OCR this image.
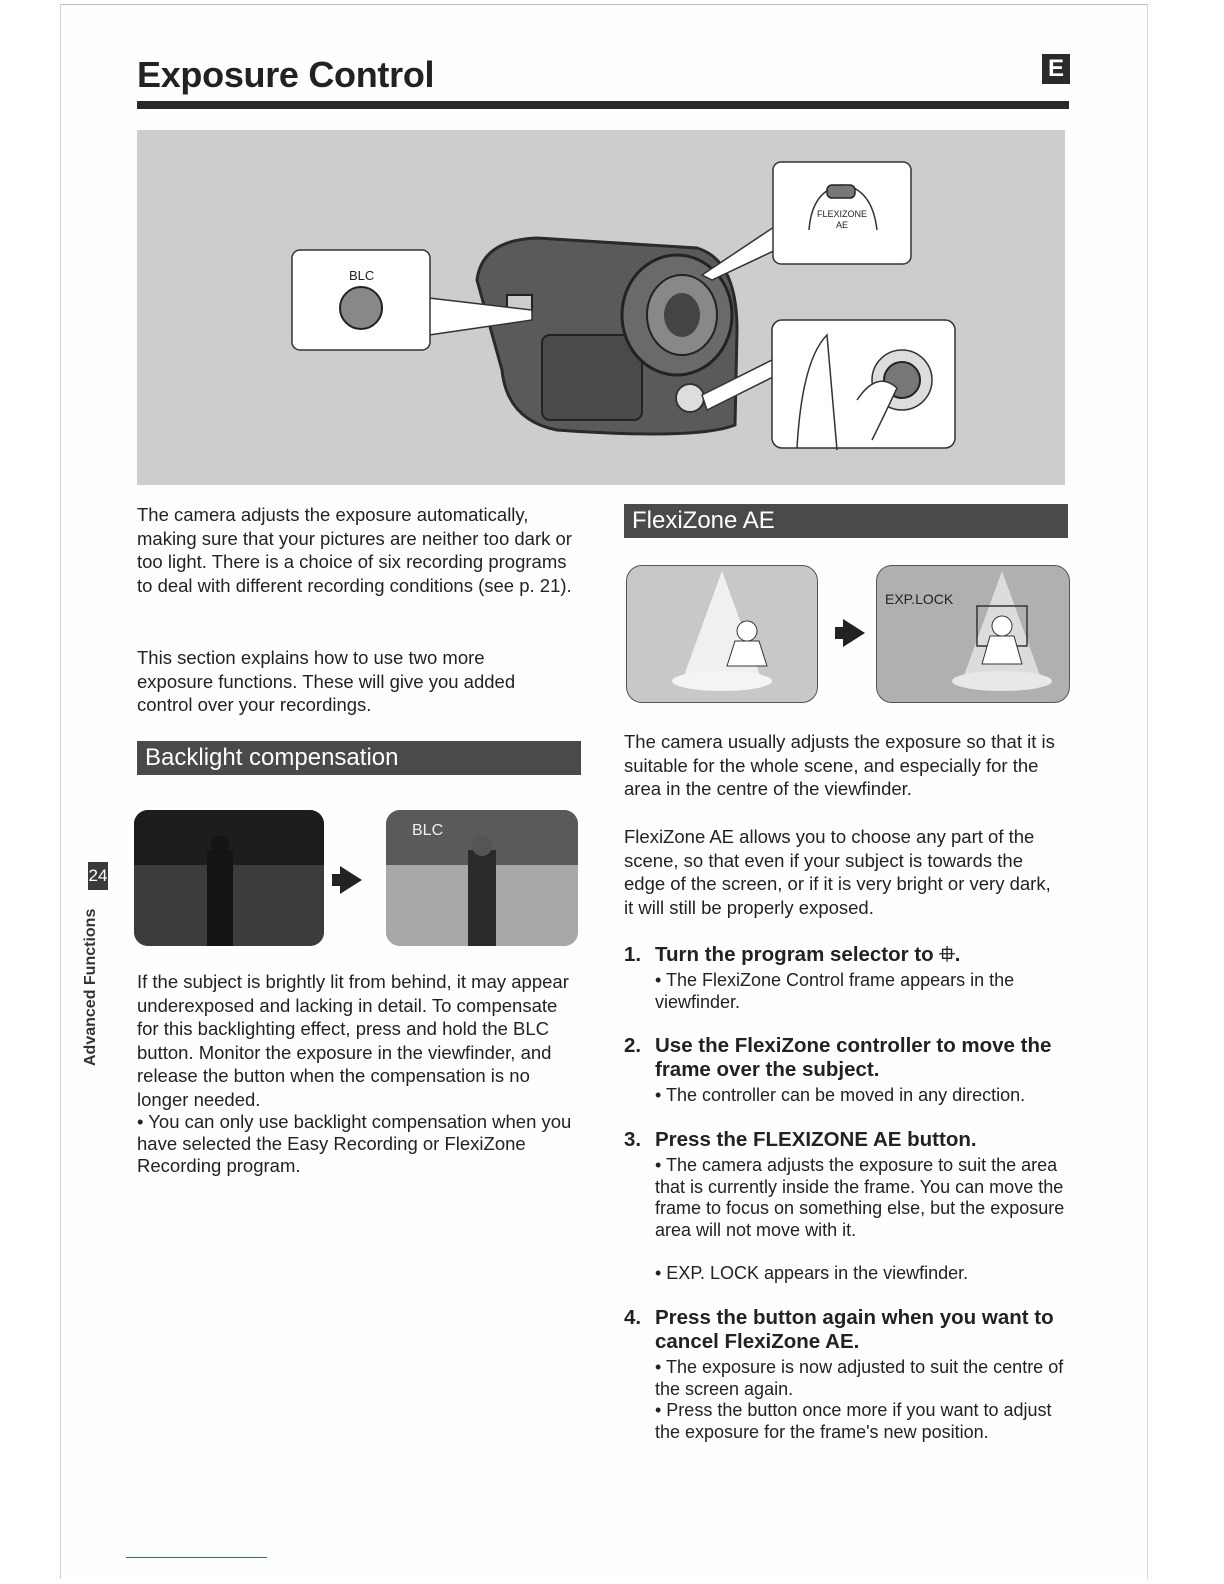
Exposure Control	E
BLC
FLEXIZONE
AE
The camera adjusts the exposure automatically, making sure that your pictures are neither too dark or too light. There is a choice of six recording programs to deal with different recording conditions (see p. 21).
This section explains how to use two more exposure functions. These will give you added control over your recordings.
Backlight compensation
BLC
If the subject is brightly lit from behind, it may appear underexposed and lacking in detail. To compensate for this backlighting effect, press and hold the BLC button. Monitor the exposure in the viewfinder, and release the button when the compensation is no longer needed.
• You can only use backlight compensation when you have selected the Easy Recording or FlexiZone Recording program.
24
Advanced Functions
FlexiZone AE
EXP.LOCK
The camera usually adjusts the exposure so that it is suitable for the whole scene, and especially for the area in the centre of the viewfinder.
FlexiZone AE allows you to choose any part of the scene, so that even if your subject is towards the edge of the screen, or if it is very bright or very dark, it will still be properly exposed.
1. Turn the program selector to ⯐.
• The FlexiZone Control frame appears in the viewfinder.
2. Use the FlexiZone controller to move the frame over the subject.
• The controller can be moved in any direction.
3. Press the FLEXIZONE AE button.
• The camera adjusts the exposure to suit the area that is currently inside the frame. You can move the frame to focus on something else, but the exposure area will not move with it.
• EXP. LOCK appears in the viewfinder.
4. Press the button again when you want to cancel FlexiZone AE.
• The exposure is now adjusted to suit the centre of the screen again.
• Press the button once more if you want to adjust the exposure for the frame's new position.
